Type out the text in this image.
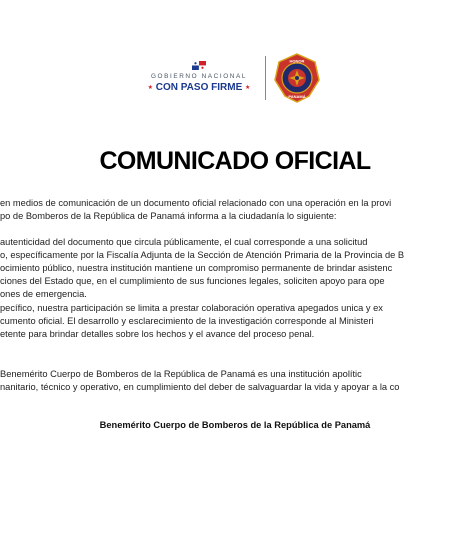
GOBIERNO NACIONAL
★ CON PASO FIRME ★
HONOR
PANAMÁ
COMUNICADO OFICIAL
en medios de comunicación de un documento oficial relacionado con una operación en la provi
po de Bomberos de la República de Panamá informa a la ciudadanía lo siguiente:
autenticidad del documento que circula públicamente, el cual corresponde a una solicitud
o, específicamente por la Fiscalía Adjunta de la Sección de Atención Primaria de la Provincia de B
ocimiento público, nuestra institución mantiene un compromiso permanente de brindar asistenc
ciones del Estado que, en el cumplimiento de sus funciones legales, soliciten apoyo para ope
ones de emergencia.
pecífico, nuestra participación se limita a prestar colaboración operativa apegados unica y ex
cumento oficial. El desarrollo y esclarecimiento de la investigación corresponde al Ministeri
etente para brindar detalles sobre los hechos y el avance del proceso penal.
Benemérito Cuerpo de Bomberos de la República de Panamá es una institución apolític
nanitario, técnico y operativo, en cumplimiento del deber de salvaguardar la vida y apoyar a la co
Benemérito Cuerpo de Bomberos de la República de Panamá
